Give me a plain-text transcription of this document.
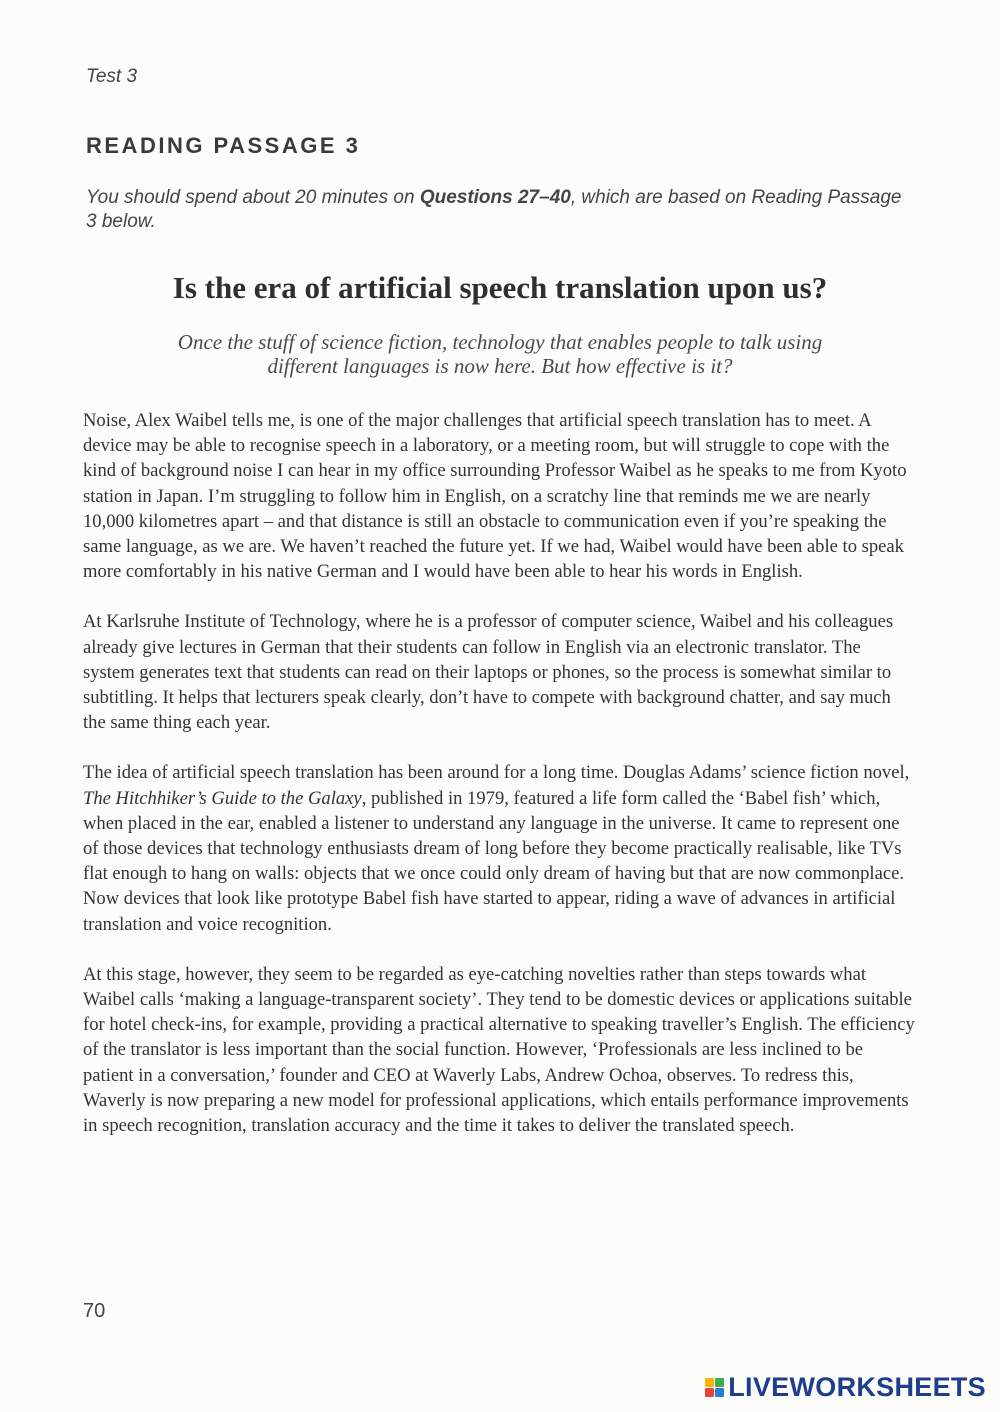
Test 3
READING PASSAGE 3
You should spend about 20 minutes on Questions 27–40, which are based on Reading Passage 3 below.
Is the era of artificial speech translation upon us?
Once the stuff of science fiction, technology that enables people to talk using
different languages is now here. But how effective is it?

Noise, Alex Waibel tells me, is one of the major challenges that artificial speech translation has to meet. A device may be able to recognise speech in a laboratory, or a meeting room, but will struggle to cope with the kind of background noise I can hear in my office surrounding Professor Waibel as he speaks to me from Kyoto station in Japan. I’m struggling to follow him in English, on a scratchy line that reminds me we are nearly 10,000 kilometres apart – and that distance is still an obstacle to communication even if you’re speaking the same language, as we are. We haven’t reached the future yet. If we had, Waibel would have been able to speak more comfortably in his native German and I would have been able to hear his words in English.

At Karlsruhe Institute of Technology, where he is a professor of computer science, Waibel and his colleagues already give lectures in German that their students can follow in English via an electronic translator. The system generates text that students can read on their laptops or phones, so the process is somewhat similar to subtitling. It helps that lecturers speak clearly, don’t have to compete with background chatter, and say much the same thing each year.

The idea of artificial speech translation has been around for a long time. Douglas Adams’ science fiction novel, The Hitchhiker’s Guide to the Galaxy, published in 1979, featured a life form called the ‘Babel fish’ which, when placed in the ear, enabled a listener to understand any language in the universe. It came to represent one of those devices that technology enthusiasts dream of long before they become practically realisable, like TVs flat enough to hang on walls: objects that we once could only dream of having but that are now commonplace. Now devices that look like prototype Babel fish have started to appear, riding a wave of advances in artificial translation and voice recognition.

At this stage, however, they seem to be regarded as eye-catching novelties rather than steps towards what Waibel calls ‘making a language-transparent society’. They tend to be domestic devices or applications suitable for hotel check-ins, for example, providing a practical alternative to speaking traveller’s English. The efficiency of the translator is less important than the social function. However, ‘Professionals are less inclined to be patient in a conversation,’ founder and CEO at Waverly Labs, Andrew Ochoa, observes. To redress this, Waverly is now preparing a new model for professional applications, which entails performance improvements in speech recognition, translation accuracy and the time it takes to deliver the translated speech.

70
LIVEWORKSHEETS
